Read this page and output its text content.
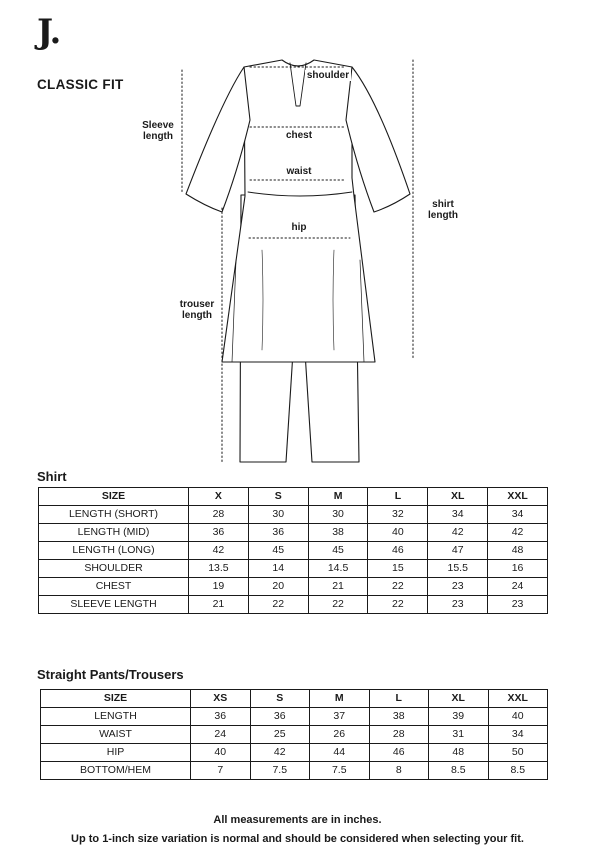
J.
CLASSIC FIT
shoulder
chest
waist
hip
Sleeve
length
trouser
length
shirt
length
Shirt
SIZE	X	S	M	L	XL	XXL
LENGTH (SHORT)	28	30	30	32	34	34
LENGTH (MID)	36	36	38	40	42	42
LENGTH (LONG)	42	45	45	46	47	48
SHOULDER	13.5	14	14.5	15	15.5	16
CHEST	19	20	21	22	23	24
SLEEVE LENGTH	21	22	22	22	23	23
Straight Pants/Trousers
SIZE	XS	S	M	L	XL	XXL
LENGTH	36	36	37	38	39	40
WAIST	24	25	26	28	31	34
HIP	40	42	44	46	48	50
BOTTOM/HEM	7	7.5	7.5	8	8.5	8.5
All measurements are in inches.
Up to 1-inch size variation is normal and should be considered when selecting your fit.
